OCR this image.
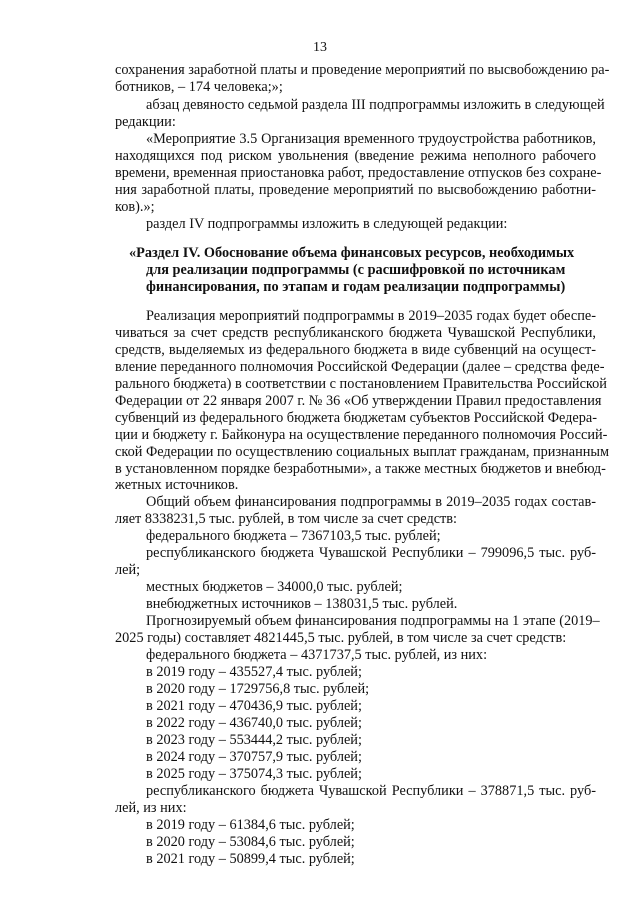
13
сохранения заработной платы и проведение мероприятий по высвобождению ра-
ботников, – 174 человека;»;
абзац девяносто седьмой раздела III подпрограммы изложить в следующей
редакции:
«Мероприятие 3.5 Организация временного трудоустройства работников,
находящихся под риском увольнения (введение режима неполного рабочего
времени, временная приостановка работ, предоставление отпусков без сохране-
ния заработной платы, проведение мероприятий по высвобождению работни-
ков).»;
раздел IV подпрограммы изложить в следующей редакции:
«Раздел IV. Обоснование объема финансовых ресурсов, необходимых
для реализации подпрограммы (с расшифровкой по источникам
финансирования, по этапам и годам реализации подпрограммы)
Реализация мероприятий подпрограммы в 2019–2035 годах будет обеспе-
чиваться за счет средств республиканского бюджета Чувашской Республики,
средств, выделяемых из федерального бюджета в виде субвенций на осущест-
вление переданного полномочия Российской Федерации (далее – средства феде-
рального бюджета) в соответствии с постановлением Правительства Российской
Федерации от 22 января 2007 г. № 36 «Об утверждении Правил предоставления
субвенций из федерального бюджета бюджетам субъектов Российской Федера-
ции и бюджету г. Байконура на осуществление переданного полномочия Россий-
ской Федерации по осуществлению социальных выплат гражданам, признанным
в установленном порядке безработными», а также местных бюджетов и внебюд-
жетных источников.
Общий объем финансирования подпрограммы в 2019–2035 годах состав-
ляет 8338231,5 тыс. рублей, в том числе за счет средств:
федерального бюджета – 7367103,5 тыс. рублей;
республиканского бюджета Чувашской Республики – 799096,5 тыс. руб-
лей;
местных бюджетов – 34000,0 тыс. рублей;
внебюджетных источников – 138031,5 тыс. рублей.
Прогнозируемый объем финансирования подпрограммы на 1 этапе (2019–
2025 годы) составляет 4821445,5 тыс. рублей, в том числе за счет средств:
федерального бюджета – 4371737,5 тыс. рублей, из них:
в 2019 году – 435527,4 тыс. рублей;
в 2020 году – 1729756,8 тыс. рублей;
в 2021 году – 470436,9 тыс. рублей;
в 2022 году – 436740,0 тыс. рублей;
в 2023 году – 553444,2 тыс. рублей;
в 2024 году – 370757,9 тыс. рублей;
в 2025 году – 375074,3 тыс. рублей;
республиканского бюджета Чувашской Республики – 378871,5 тыс. руб-
лей, из них:
в 2019 году – 61384,6 тыс. рублей;
в 2020 году – 53084,6 тыс. рублей;
в 2021 году – 50899,4 тыс. рублей;
